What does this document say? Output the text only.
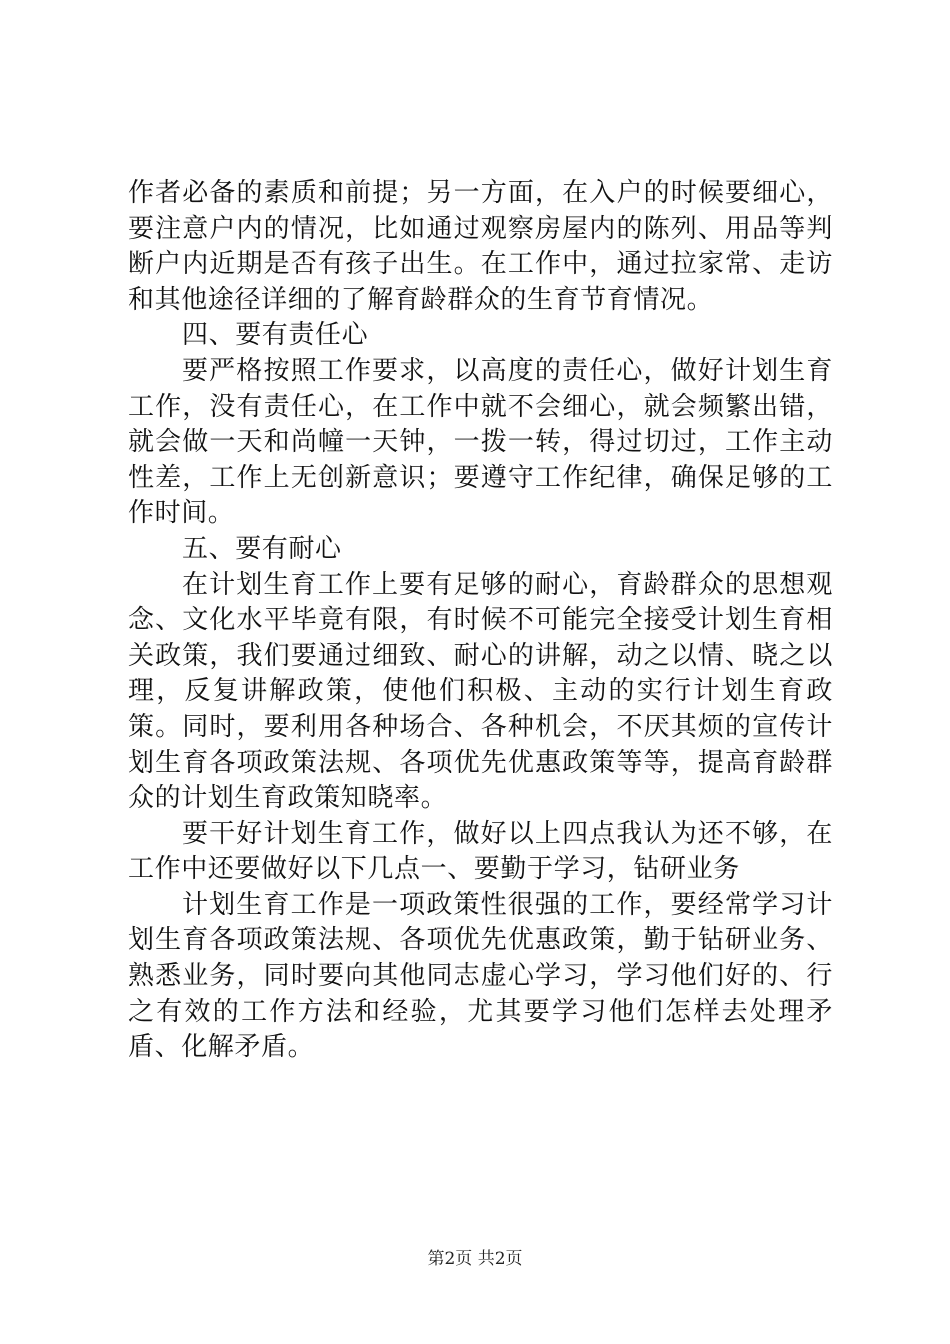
作者必备的素质和前提；另一方面，在入户的时候要细心，要注意户内的情况，比如通过观察房屋内的陈列、用品等判断户内近期是否有孩子出生。在工作中，通过拉家常、走访和其他途径详细的了解育龄群众的生育节育情况。

四、要有责任心

要严格按照工作要求，以高度的责任心，做好计划生育工作，没有责任心，在工作中就不会细心，就会频繁出错，就会做一天和尚幢一天钟，一拨一转，得过切过，工作主动性差，工作上无创新意识；要遵守工作纪律，确保足够的工作时间。

五、要有耐心

在计划生育工作上要有足够的耐心，育龄群众的思想观念、文化水平毕竟有限，有时候不可能完全接受计划生育相关政策，我们要通过细致、耐心的讲解，动之以情、晓之以理，反复讲解政策，使他们积极、主动的实行计划生育政策。同时，要利用各种场合、各种机会，不厌其烦的宣传计划生育各项政策法规、各项优先优惠政策等等，提高育龄群众的计划生育政策知晓率。

要干好计划生育工作，做好以上四点我认为还不够，在工作中还要做好以下几点一、要勤于学习，钻研业务

计划生育工作是一项政策性很强的工作，要经常学习计划生育各项政策法规、各项优先优惠政策，勤于钻研业务、熟悉业务，同时要向其他同志虚心学习，学习他们好的、行之有效的工作方法和经验，尤其要学习他们怎样去处理矛盾、化解矛盾。

第2页 共2页
